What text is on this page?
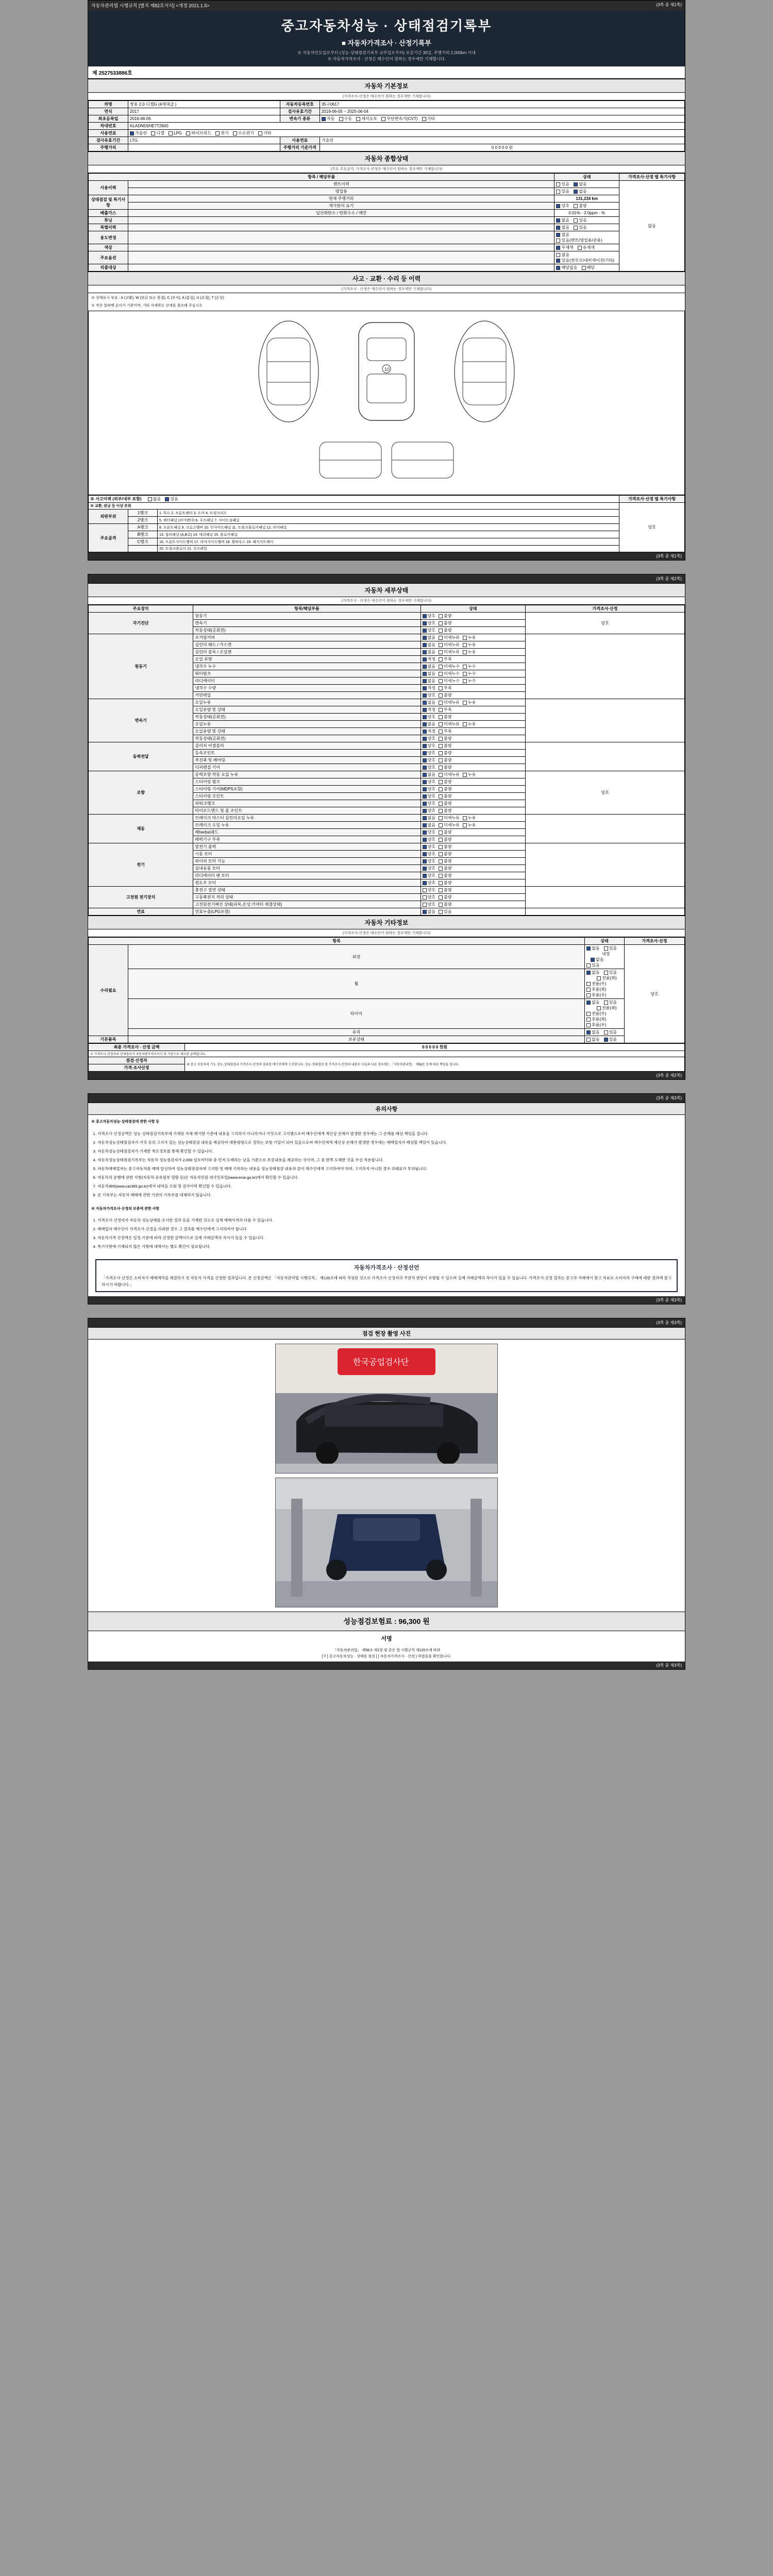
자동차관리법 시행규칙 [별지 제82호서식] <개정 2021.1.5>	(3쪽 중 제1쪽)
중고자동차성능 · 상태점검기록부
■ 자동차가격조사 · 산정기록부
※ 자동차인도일로부터 (성능·상태점검기록부 교부일로부터) 보증기간 30일, 주행거리 2,000km 이내
※ 자동차가격조사 · 산정은 매수인이 원하는 경우에만 기재합니다.
제 2527533886호
자동차 기본정보
(가격조사·산정은 매수인이 원하는 경우에만 기재합니다)
차명	쌍용 2.0 디젤G (4세대급 )	자동차등록번호	35구0617
연식	2017	검사유효기간	2019-06-05 ~ 2025-06-04
최초등록일	2016-06-05	변속기 종류	자동 수동 세미오토 무단변속기(CVT) 기타
차대번호	KLADN5SHE7T2600		
사용연료	가솔린 디젤 LPG 하이브리드 전기 수소전기 기타		
검사유효기간	LTG	사용연료	가솔린
주행거리		주행거리 기준가격	0 0 0 0 0 원
자동차 종합상태
(주요 주요골격, 가격조사·산정은 매수인이 원하는 경우에만 기재합니다)
항목 / 해당부품		상태	가격조사·산정 별 특기사항
사용이력	렌트이력	있음 없음	없음
	영업용	있음 없음	
상태점검 및 특기사항	현재 주행거리	131,234 km	
	계기판의 표기	양호 불량	
배출가스	일산화탄소 / 탄화수소 / 매연	0.01% · 2.0ppm · %	
튜닝		없음 있음	
특별이력		없음 있음	
용도변경		없음 있음(렌트/영업용/관용)	
색상		무채색 유채색	
주요옵션		없음 있음(썬루프/내비게이션/기타)	
리콜대상		해당없음 해당	
사고 · 교환 · 수리 등 이력
(가격조사 · 산정은 매수인이 원하는 경우에만 기재합니다)
※ 상태표시 부호 : X (교환), W (판금 또는 용접), C (부식), A (흠집), U (요철), T (손상)
※ 작은 알파벳 순서가 기준이며, 기타 자세하는 상세를 참조해 주십시오
10
※ 사고이력 (외부/내부 포함) 없음 있음			가격조사·산정 별 특기사항
※ 교환, 판금 등 이상 부위			양호
외판부위	1랭크	1. 후드 2. 프론트펜더 3. 도어 4. 트렁크리드	
	2랭크	5. 쿼터패널 (리어펜더) 6. 루프패널 7. 사이드실패널	
주요골격	A랭크	8. 프론트패널 9. 크로스멤버 10. 인사이드패널 11. 트렁크플로어패널 12. 리어패널	
	B랭크	13. 필러패널 (A,B,C) 14. 대쉬패널 15. 플로어패널	
	C랭크	16. 프론트사이드멤버 17. 리어사이드멤버 18. 휠하우스 19. 패키지트레이	
		20. 트렁크플로어 21. 루프레일	
(3쪽 중 제1쪽)
(3쪽 중 제2쪽)
자동차 세부상태
(가격조사 · 산정은 매수인이 원하는 경우에만 기재합니다)
주요장치	항목/해당부품	상태	가격조사·산정
자기진단	원동기	양호 불량	양호
	변속기	양호 불량	
	작동상태(공회전)	양호 불량	
원동기	로커암커버	없음 미세누유 누유	
	실린더 헤드 / 가스켓	없음 미세누유 누유	
	실린더 블록 / 오일팬	없음 미세누유 누유	
	오일 유량	적정 부족	
	냉각수 누수	없음 미세누수 누수	
	워터펌프	없음 미세누수 누수	
	라디에이터	없음 미세누수 누수	
	냉각수 수량	적정 부족	
	커먼레일	양호 불량	
변속기	오일누유	없음 미세누유 누유	
	오일유량 및 상태	적정 부족	
	작동상태(공회전)	양호 불량	
	오일누유	없음 미세누유 누유	
	오일유량 및 상태	적정 부족	
	작동상태(공회전)	양호 불량	
동력전달	클러치 어셈블리	양호 불량	
	등속조인트	양호 불량	
	추진축 및 베어링	양호 불량	
	디퍼렌셜 기어	양호 불량	
조향	동력조향 작동 오일 누유	없음 미세누유 누유	양호
	스티어링 펌프	양호 불량	
	스티어링 기어(MDPS포함)	양호 불량	
	스티어링 조인트	양호 불량	
	파워크랭크	양호 불량	
	타이로드엔드 및 볼 조인트	양호 불량	
제동	브레이크 마스터 실린더오일 누유	없음 미세누유 누유	
	브레이크 오일 누유	없음 미세누유 누유	
	베herbst패드	양호 불량	
	배력기구 부족	양호 불량	
전기	발전기 출력	양호 불량	
	시동 모터	양호 불량	
	와이퍼 모터 기능	양호 불량	
	실내송풍 모터	양호 불량	
	라디에이터 팬 모터	양호 불량	
	윈도우 모터	양호 불량	
고전원 전기장치	충전구 절연 상태	양호 불량	
	구동축전지 격리 상태	양호 불량	
	고전원전기배선 상태(피복,손상,커넥터 체결상태)	양호 불량	
연료	연료누출(LPG포함)	없음 있음	
자동차 기타정보
(가격조사·산정은 매수인이 원하는 경우에만 기재합니다)
항목		상태	가격조사·산정
수리필요	외장	없음 있음 내장 없음 있음	양호
	휠	없음 있음 전륜(좌) 전륜(우) 후륜(좌) 후륜(우)	
	타이어	없음 있음 전륜(좌) 전륜(우) 후륜(좌) 후륜(우)	
	유리	없음 있음	
기본품목	보유상태	없음 있음	
최종 가격조사 · 산정 금액	0 0 0 0 0 천원
※ 가격조사·산정자의 상세정보가 자동차종가격조사식 및 기준으로 제시된 금액입니다.	
점검·산정자	위 중고 자동차의 기능·성능·상태점검과 가격조사·산정의 결과를 매수인에게 고지합니다. 성능·상태점검 및 가격조사·산정의 내용이 사실과 다른 경우에는 「자동차관리법」 제58조 등에 따른 책임을 집니다.
가격·조사산정	
(3쪽 중 제2쪽)
(3쪽 중 제3쪽)
유의사항
※ 중고자동차성능·상태점검에 관한 사항 등
1. 가격조사·산정금액은 성능·상태점검기록부에 기재된 자체 배기량 기준에 내용을 고지하지 아니하거나 거짓으로 고지했으로써 매수인에게 재산상 손해가 발생한 경우에는 그 손해를 배상 책임을 집니다.
2. 자동차성능상태점검자가 거짓 등의 고지가 있는 성능상태점검 내용을 제공하여 대통령령으로 정하는 보험 가입이 되어 있음으로써 매수인에게 재산상 손해가 발생한 경우에는 매매업자가 배상할 책임이 있습니다.
3. 자동차성능상태점검자가 기재한 착오정보를 통해 확인할 수 있습니다.
4. 자동차성능상태점검기록부는 자동차 성능점검자가 2,000 킬로미터와 중 먼저 도래하는 날을 기준으로 보증내용을 제공하는 것이며, 그 중 한쪽 도래한 것을 우선 적용합니다.
5. 자동차매매업자는 중고자동차를 매매 알선하여 성능상태점검자에 고지한 및 매매 기록하는 내용을 성능상태점검 내용과 같이 매수인에게 고지하여야 하며, 고지하지 아니한 경우 과태료가 부과됩니다.
6. 자동차의 운행에 관한 사항(자동차 등록원부 열람 등)은 자동차민원 대국민포털(www.ecar.go.kr)에서 확인할 수 있습니다.
7. 자동차365(www.car365.go.kr)에서 내역을 조회 및 검사이력 확인할 수 있습니다.
8. 본 기록부는 자동차 매매에 관한 기관의 기록부를 대체하지 않습니다.
※ 자동차가격조사·산정의 보증에 관한 사항
1. 가격조사·산정자가 자동차 성능상태를 조사한 결과 등을 기재한 것으로 실제 매매가격과 다를 수 있습니다.
2. 매매업자 매수인이 가격조사·산정을 의뢰한 경우 그 결과를 매수인에게 고지하여야 합니다.
3. 자동차가격 산정액은 일정 기준에 따라 산정한 금액이므로 실제 거래금액과 차이가 있을 수 있습니다.
4. 특기사항에 기재되지 않은 사항에 대해서는 별도 확인이 필요합니다.
자동차가격조사 · 산정선언
「가격조사·산정은 소비자가 매매계약을 체결하기 전 자동차 가격을 산정한 결과입니다. 본 산정금액은 「자동차관리법 시행규칙」 제120조에 따라 작성된 것으로 가격조사·산정자의 주관적 판단이 포함될 수 있으며 실제 거래금액과 차이가 있을 수 있습니다. 가격조사·산정 결과는 중고차 거래에서 참고 자료로 소비자의 구매에 대한 결과에 참고하시기 바랍니다.」
(3쪽 중 제3쪽)
(3쪽 중 제3쪽)
점검 현장 촬영 사진
한국공업검사단
성능점검보험료 : 96,300 원
서명
「자동차관리법」 제58조 제1항 및 같은 법 시행규칙 제120조에 따라
[ Y ] 중고자동차성능 · 상태를 점검 [ ] 자동차가격조사 · 산정 ) 하였음을 확인합니다.
(3쪽 중 제3쪽)
